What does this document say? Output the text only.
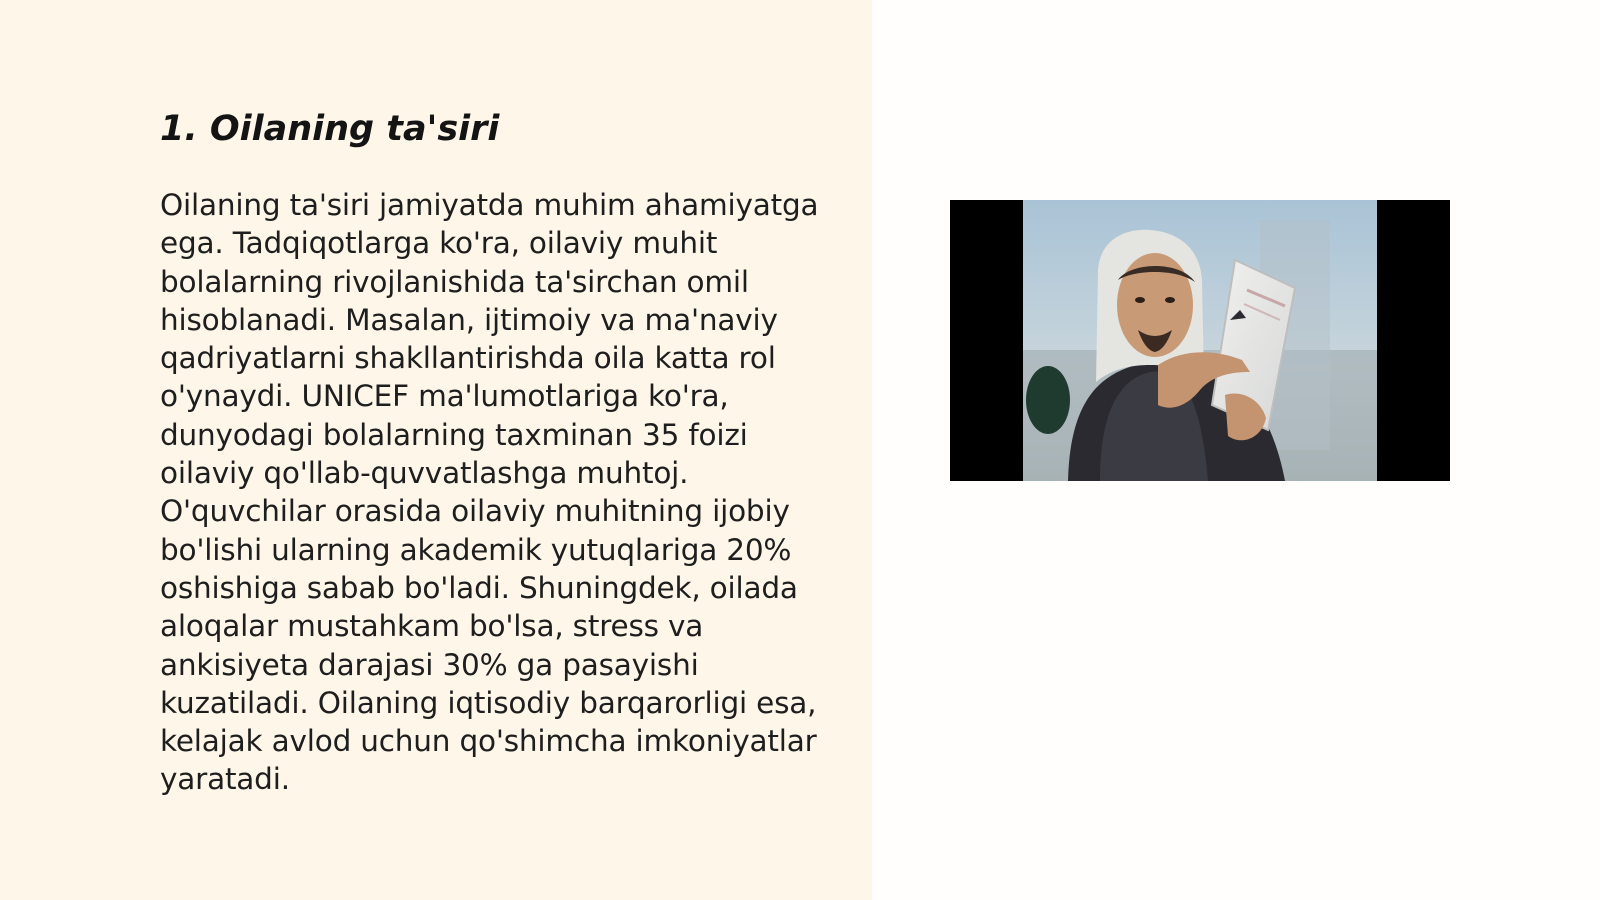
1. Oilaning ta'siri

Oilaning ta'siri jamiyatda muhim ahamiyatga
ega. Tadqiqotlarga ko'ra, oilaviy muhit
bolalarning rivojlanishida ta'sirchan omil
hisoblanadi. Masalan, ijtimoiy va ma'naviy
qadriyatlarni shakllantirishda oila katta rol
o'ynaydi. UNICEF ma'lumotlariga ko'ra,
dunyodagi bolalarning taxminan 35 foizi
oilaviy qo'llab-quvvatlashga muhtoj.
O'quvchilar orasida oilaviy muhitning ijobiy
bo'lishi ularning akademik yutuqlariga 20%
oshishiga sabab bo'ladi. Shuningdek, oilada
aloqalar mustahkam bo'lsa, stress va
ankisiyeta darajasi 30% ga pasayishi
kuzatiladi. Oilaning iqtisodiy barqarorligi esa,
kelajak avlod uchun qo'shimcha imkoniyatlar
yaratadi.
